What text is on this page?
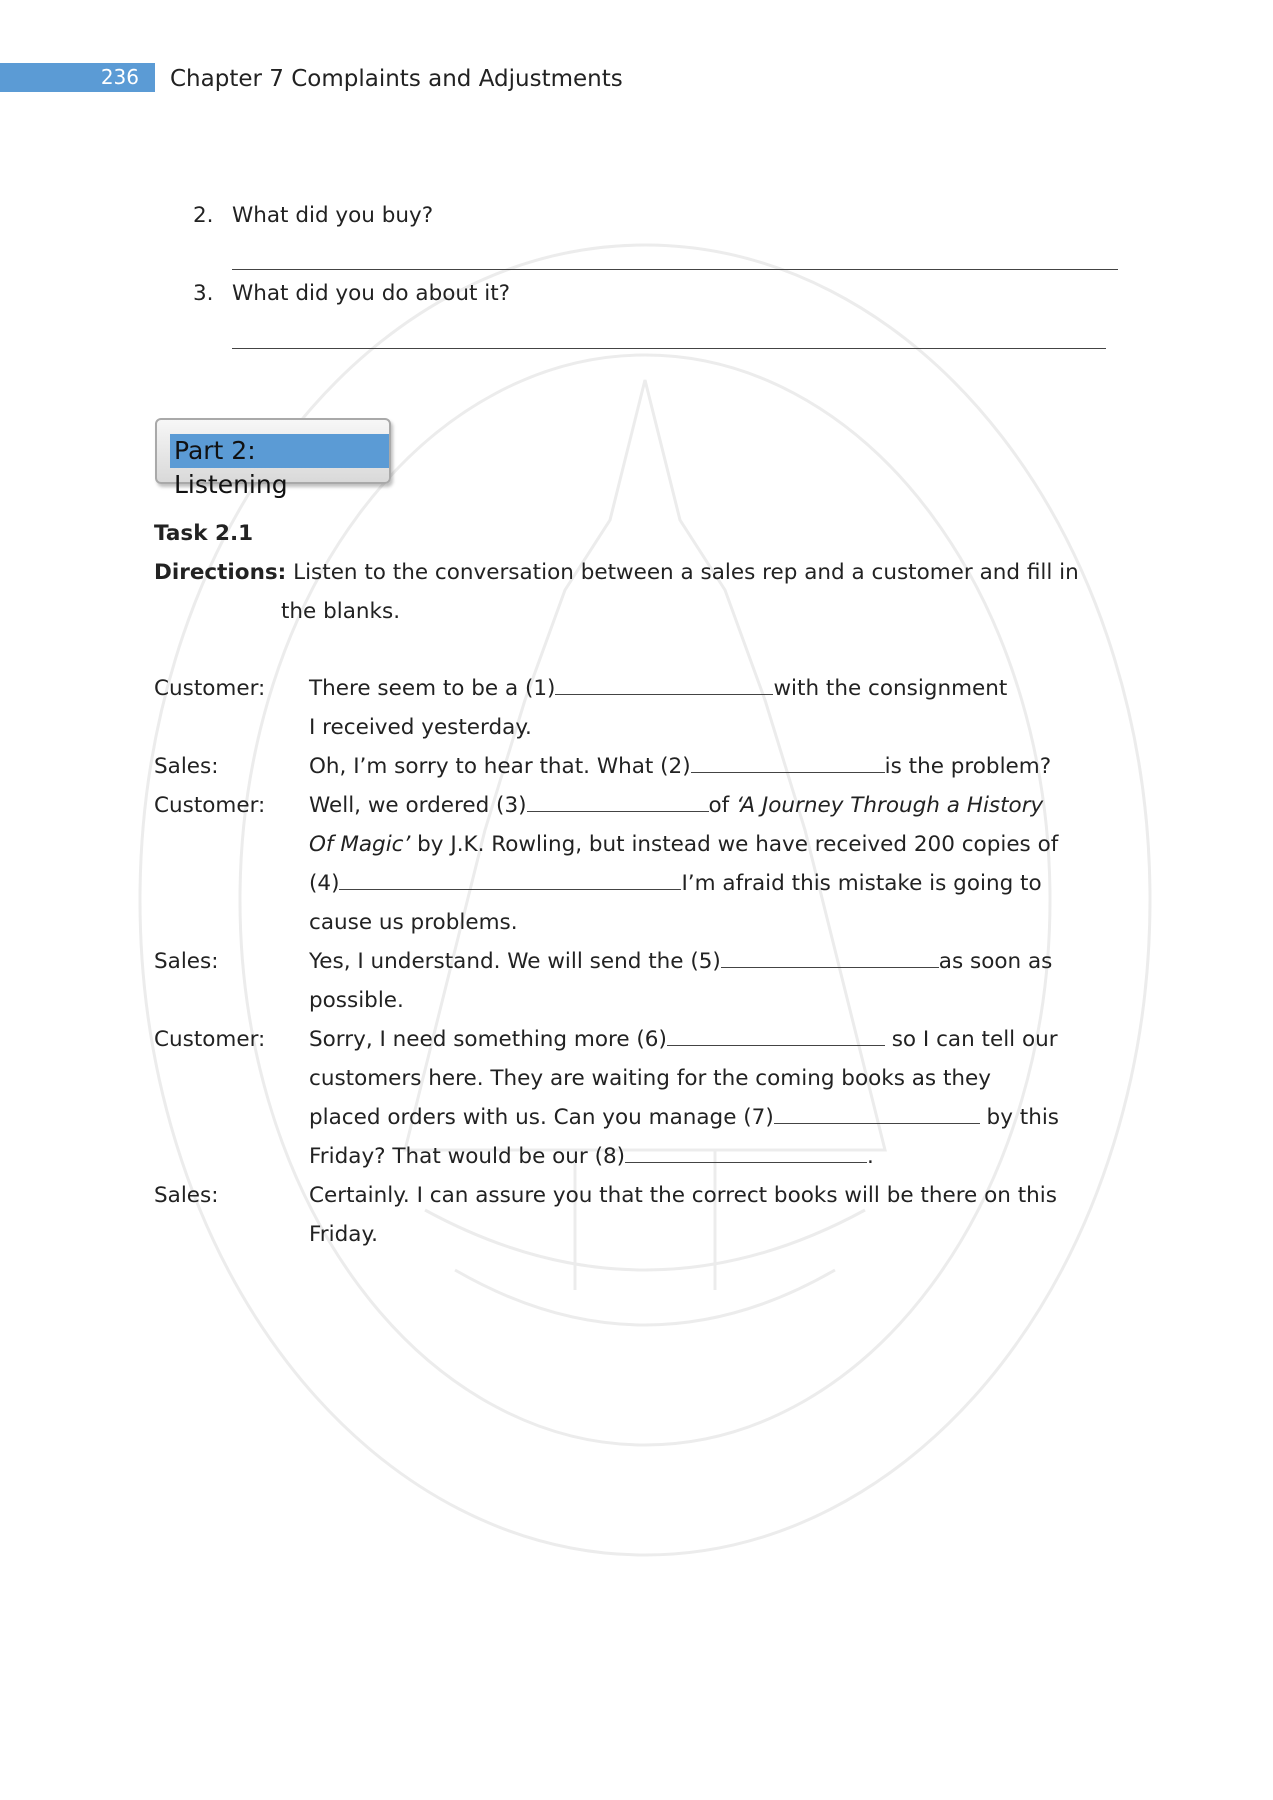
236	Chapter 7 Complaints and Adjustments
2. What did you buy?
3. What did you do about it?
Part 2: Listening
Task 2.1
Directions: Listen to the conversation between a sales rep and a customer and fill in
the blanks.
Customer: There seem to be a (1)	with the consignment
I received yesterday.
Sales:	Oh, I’m sorry to hear that. What (2)	is the problem?
Customer: Well, we ordered (3)	of ‘A Journey Through a History
Of Magic’ by J.K. Rowling, but instead we have received 200 copies of
(4)	I’m afraid this mistake is going to
cause us problems.
Sales:	Yes, I understand. We will send the (5)	as soon as
possible.
Customer: Sorry, I need something more (6)	so I can tell our
customers here. They are waiting for the coming books as they
placed orders with us. Can you manage (7)	by this
Friday? That would be our (8)	.
Sales:	Certainly. I can assure you that the correct books will be there on this
Friday.
